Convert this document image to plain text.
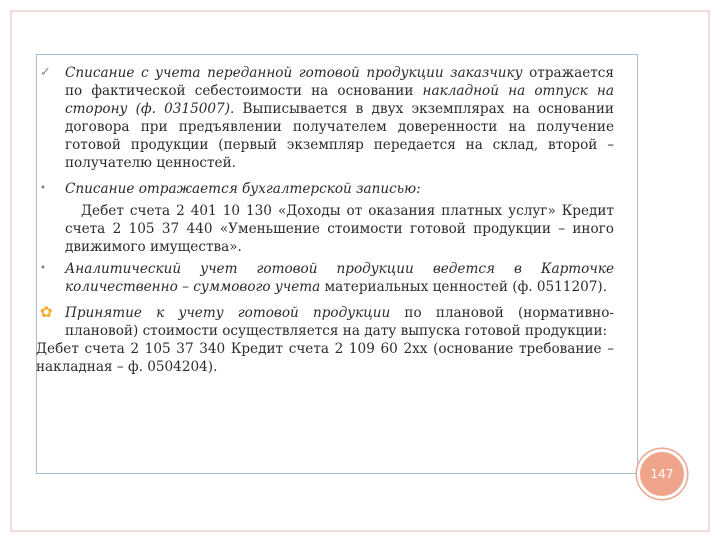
✓	Списание с учета переданной готовой продукции заказчику отражается по фактической себестоимости на основании накладной на отпуск на сторону (ф. 0315007). Выписывается в двух экземплярах на основании договора при предъявлении получателем доверенности на получение готовой продукции (первый экземпляр передается на склад, второй – получателю ценностей.

•	Списание отражается бухгалтерской записью:

Дебет счета 2 401 10 130 «Доходы от оказания платных услуг» Кредит счета 2 105 37 440 «Уменьшение стоимости готовой продукции – иного движимого имущества».

•	Аналитический учет готовой продукции ведется в Карточке количественно – суммового учета материальных ценностей (ф. 0511207).

✿ Принятие к учету готовой продукции по плановой (нормативно-плановой) стоимости осуществляется на дату выпуска готовой продукции:

Дебет счета 2 105 37 340 Кредит счета 2 109 60 2хх (основание требование – накладная – ф. 0504204).

147
